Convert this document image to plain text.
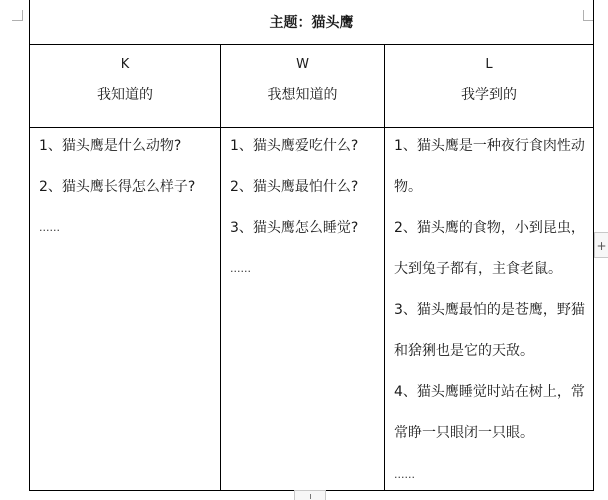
主题：猫头鹰
K
我知道的
1、猫头鹰是什么动物?
2、猫头鹰长得怎么样子?
......
W
我想知道的
1、猫头鹰爱吃什么?
2、猫头鹰最怕什么?
3、猫头鹰怎么睡觉?
......
L
我学到的
1、猫头鹰是一种夜行食肉性动物。
2、猫头鹰的食物，小到昆虫，大到兔子都有，主食老鼠。
3、猫头鹰最怕的是苍鹰，野猫和猞猁也是它的天敌。
4、猫头鹰睡觉时站在树上，常常睁一只眼闭一只眼。
......
+
